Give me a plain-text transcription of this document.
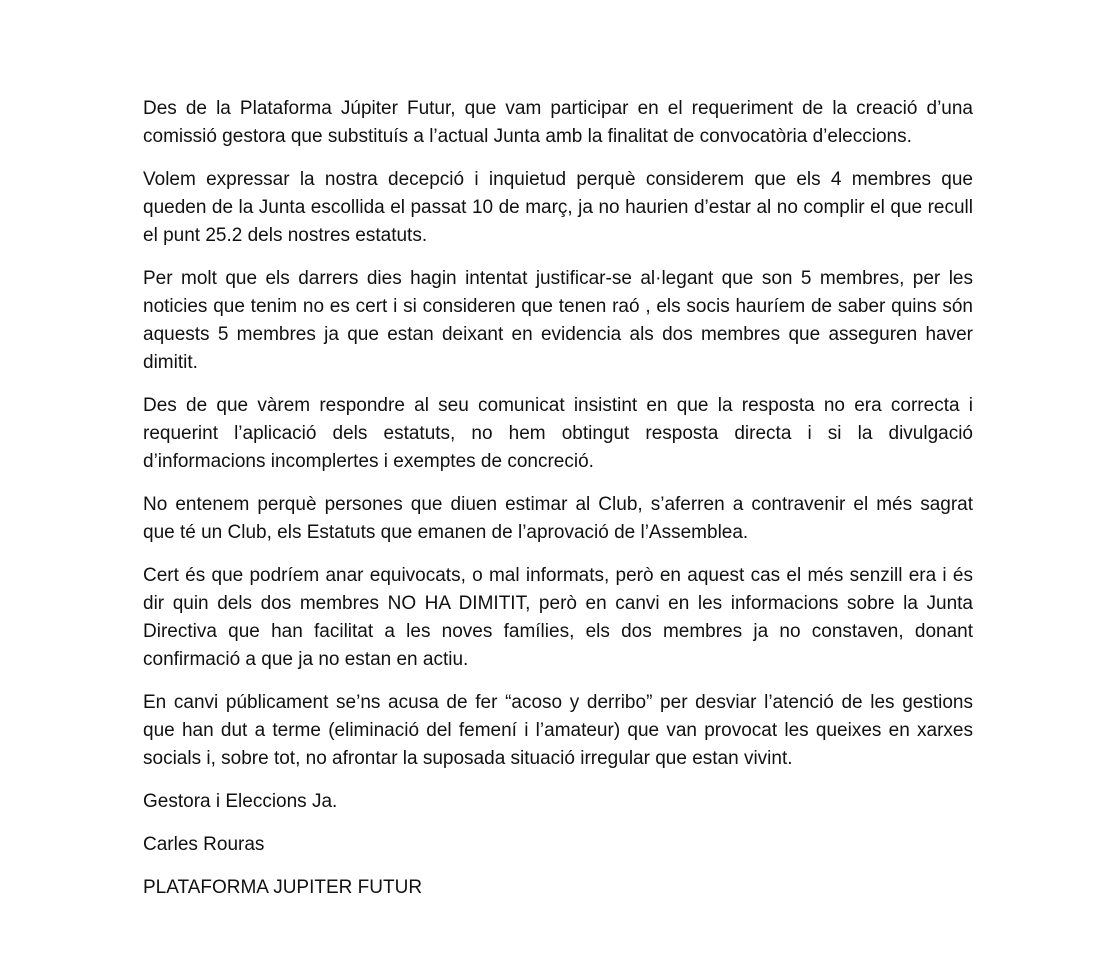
Des de la Plataforma Júpiter Futur, que vam participar en el requeriment de la creació d’una
comissió gestora que substituís a l’actual Junta amb la finalitat de convocatòria d’eleccions.

Volem expressar la nostra decepció i inquietud perquè considerem que els 4 membres que
queden de la Junta escollida el passat 10 de març, ja no haurien d’estar al no complir el que recull
el punt 25.2 dels nostres estatuts.

Per molt que els darrers dies hagin intentat justificar-se al·legant que son 5 membres, per les
noticies que tenim no es cert i si consideren que tenen raó , els socis hauríem de saber quins són
aquests 5 membres ja que estan deixant en evidencia als dos membres que asseguren haver
dimitit.

Des de que vàrem respondre al seu comunicat insistint en que la resposta no era correcta i
requerint l’aplicació dels estatuts, no hem obtingut resposta directa i si la divulgació
d’informacions incomplertes i exemptes de concreció.

No entenem perquè persones que diuen estimar al Club, s’aferren a contravenir el més sagrat
que té un Club, els Estatuts que emanen de l’aprovació de l’Assemblea.

Cert és que podríem anar equivocats, o mal informats, però en aquest cas el més senzill era i és
dir quin dels dos membres NO HA DIMITIT, però en canvi en les informacions sobre la Junta
Directiva que han facilitat a les noves famílies, els dos membres ja no constaven, donant
confirmació a que ja no estan en actiu.

En canvi públicament se’ns acusa de fer “acoso y derribo” per desviar l’atenció de les gestions
que han dut a terme (eliminació del femení i l’amateur) que van provocat les queixes en xarxes
socials i, sobre tot, no afrontar la suposada situació irregular que estan vivint.

Gestora i Eleccions Ja.

Carles Rouras

PLATAFORMA JUPITER FUTUR
